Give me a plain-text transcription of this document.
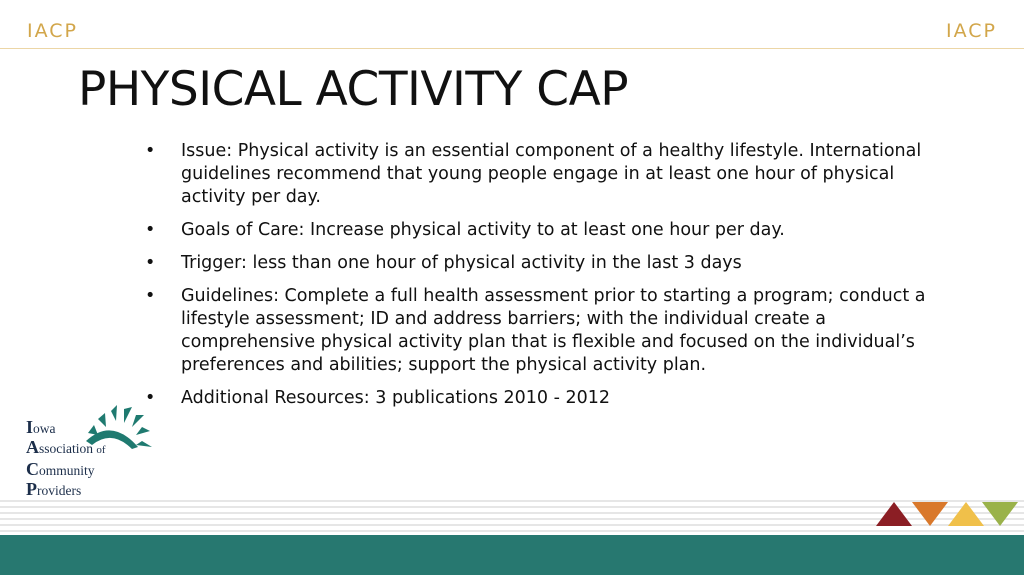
IACP	IACP
PHYSICAL ACTIVITY CAP
• Issue: Physical activity is an essential component of a healthy lifestyle. International guidelines recommend that young people engage in at least one hour of physical activity per day.
• Goals of Care: Increase physical activity to at least one hour per day.
• Trigger: less than one hour of physical activity in the last 3 days
• Guidelines: Complete a full health assessment prior to starting a program; conduct a lifestyle assessment; ID and address barriers; with the individual create a comprehensive physical activity plan that is flexible and focused on the individual’s preferences and abilities; support the physical activity plan.
• Additional Resources: 3 publications 2010 - 2012
Iowa
Association of
Community
Providers
